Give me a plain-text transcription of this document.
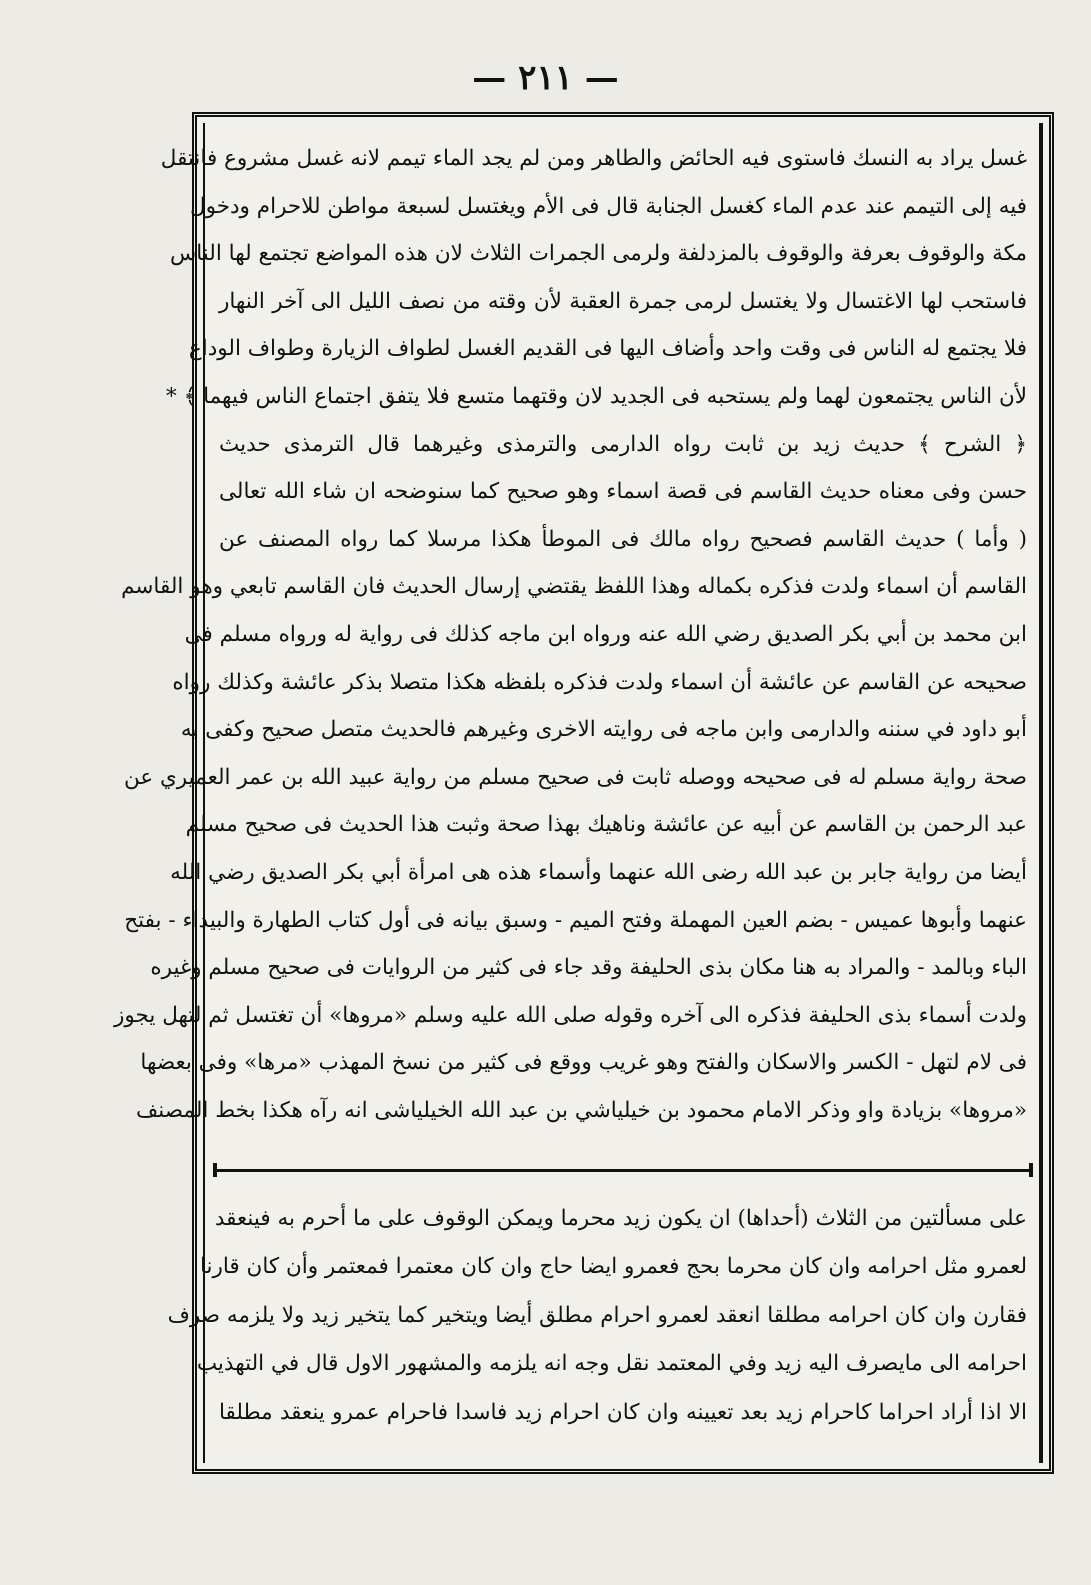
— ٢١١ —
غسل يراد به النسك فاستوى فيه الحائض والطاهر ومن لم يجد الماء تيمم لانه غسل مشروع فانتقل
فيه إلى التيمم عند عدم الماء كغسل الجنابة قال فى الأم ويغتسل لسبعة مواطن للاحرام ودخول
مكة والوقوف بعرفة والوقوف بالمزدلفة ولرمى الجمرات الثلاث لان هذه المواضع تجتمع لها الناس
فاستحب لها الاغتسال ولا يغتسل لرمى جمرة العقبة لأن وقته من نصف الليل الى آخر النهار
فلا يجتمع له الناس فى وقت واحد وأضاف اليها فى القديم الغسل لطواف الزيارة وطواف الوداع
لأن الناس يجتمعون لهما ولم يستحبه فى الجديد لان وقتهما متسع فلا يتفق اجتماع الناس فيهما ﴾ *
﴿ الشرح ﴾ حديث زيد بن ثابت رواه الدارمى والترمذى وغيرهما قال الترمذى حديث
حسن وفى معناه حديث القاسم فى قصة اسماء وهو صحيح كما سنوضحه ان شاء الله تعالى
( وأما ) حديث القاسم فصحيح رواه مالك فى الموطأ هكذا مرسلا كما رواه المصنف عن
القاسم أن اسماء ولدت فذكره بكماله وهذا اللفظ يقتضي إرسال الحديث فان القاسم تابعي وهو القاسم
ابن محمد بن أبي بكر الصديق رضي الله عنه ورواه ابن ماجه كذلك فى رواية له ورواه مسلم فى
صحيحه عن القاسم عن عائشة أن اسماء ولدت فذكره بلفظه هكذا متصلا بذكر عائشة وكذلك رواه
أبو داود في سننه والدارمى وابن ماجه فى روايته الاخرى وغيرهم فالحديث متصل صحيح وكفى به
صحة رواية مسلم له فى صحيحه ووصله ثابت فى صحيح مسلم من رواية عبيد الله بن عمر العميري عن
عبد الرحمن بن القاسم عن أبيه عن عائشة وناهيك بهذا صحة وثبت هذا الحديث فى صحيح مسلم
أيضا من رواية جابر بن عبد الله رضى الله عنهما وأسماء هذه هى امرأة أبي بكر الصديق رضي الله
عنهما وأبوها عميس - بضم العين المهملة وفتح الميم - وسبق بيانه فى أول كتاب الطهارة والبيداء - بفتح
الباء وبالمد - والمراد به هنا مكان بذى الحليفة وقد جاء فى كثير من الروايات فى صحيح مسلم وغيره
ولدت أسماء بذى الحليفة فذكره الى آخره وقوله صلى الله عليه وسلم «مروها» أن تغتسل ثم لتهل يجوز
فى لام لتهل - الكسر والاسكان والفتح وهو غريب ووقع فى كثير من نسخ المهذب «مرها» وفى بعضها
«مروها» بزيادة واو وذكر الامام محمود بن خيلياشي بن عبد الله الخيلياشى انه رآه هكذا بخط المصنف
على مسألتين من الثلاث (أحداها) ان يكون زيد محرما ويمكن الوقوف على ما أحرم به فينعقد
لعمرو مثل احرامه وان كان محرما بحج فعمرو ايضا حاج وان كان معتمرا فمعتمر وأن كان قارنا
فقارن وان كان احرامه مطلقا انعقد لعمرو احرام مطلق أيضا ويتخير كما يتخير زيد ولا يلزمه صرف
احرامه الى مايصرف اليه زيد وفي المعتمد نقل وجه انه يلزمه والمشهور الاول قال في التهذيب
الا اذا أراد احراما كاحرام زيد بعد تعيينه وان كان احرام زيد فاسدا فاحرام عمرو ينعقد مطلقا
